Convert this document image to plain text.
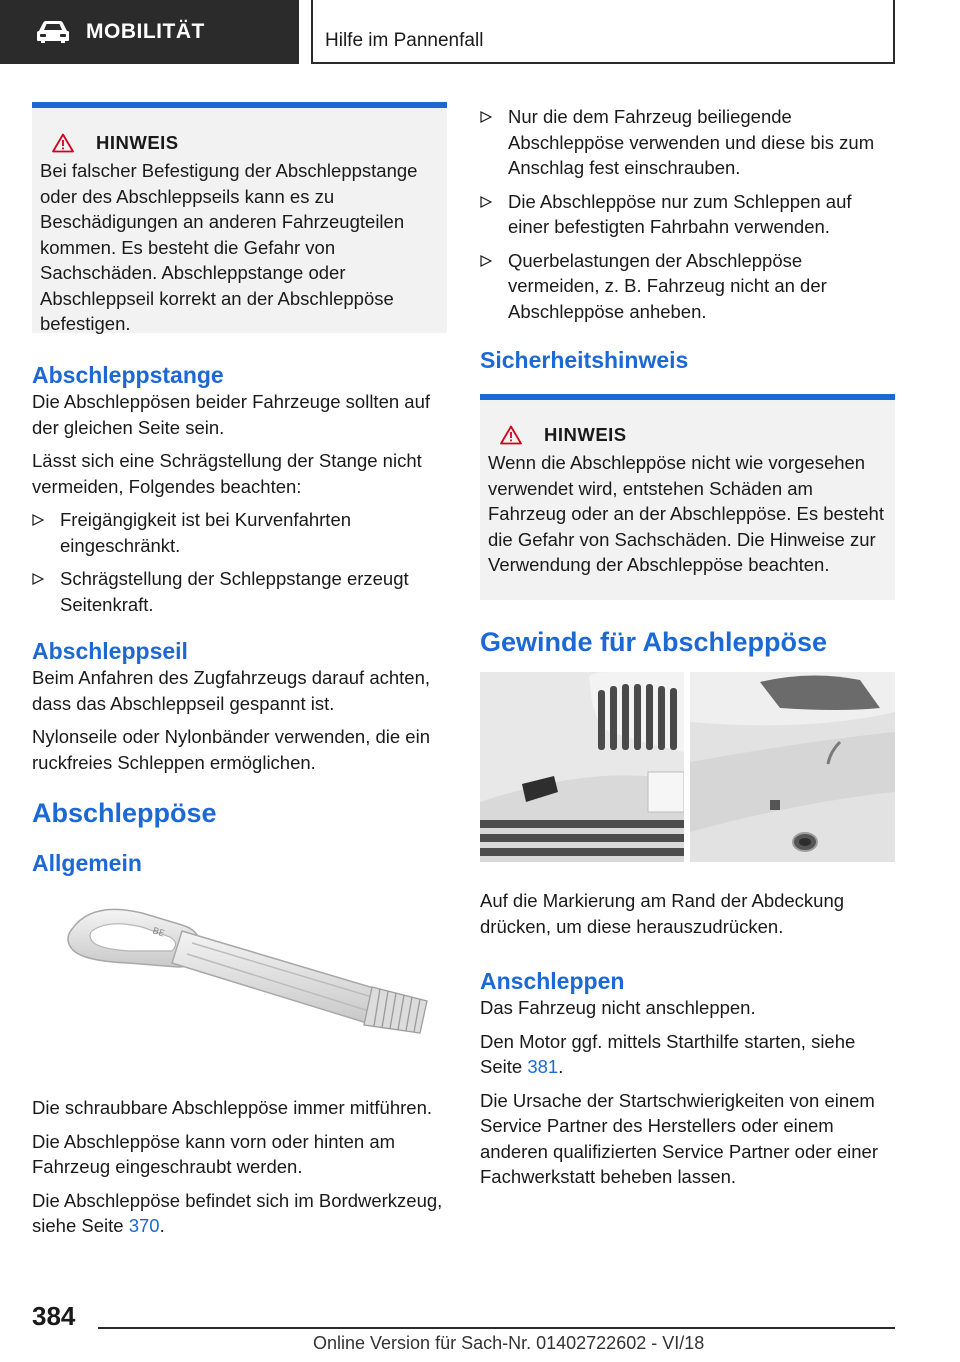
MOBILITÄT	Hilfe im Pannenfall
HINWEIS
Bei falscher Befestigung der Abschleppstange oder des Abschleppseils kann es zu Beschädigungen an anderen Fahrzeugteilen kommen. Es besteht die Gefahr von Sachschäden. Abschleppstange oder Abschleppseil korrekt an der Abschleppöse befestigen.
Abschleppstange
Die Abschleppösen beider Fahrzeuge sollten auf der gleichen Seite sein.
Lässt sich eine Schrägstellung der Stange nicht vermeiden, Folgendes beachten:
Freigängigkeit ist bei Kurvenfahrten eingeschränkt.
Schrägstellung der Schleppstange erzeugt Seitenkraft.
Abschleppseil
Beim Anfahren des Zugfahrzeugs darauf achten, dass das Abschleppseil gespannt ist.
Nylonseile oder Nylonbänder verwenden, die ein ruckfreies Schleppen ermöglichen.
Abschleppöse
Allgemein
BE
Die schraubbare Abschleppöse immer mitführen.
Die Abschleppöse kann vorn oder hinten am Fahrzeug eingeschraubt werden.
Die Abschleppöse befindet sich im Bordwerkzeug, siehe Seite 370.
Nur die dem Fahrzeug beiliegende Abschleppöse verwenden und diese bis zum Anschlag fest einschrauben.
Die Abschleppöse nur zum Schleppen auf einer befestigten Fahrbahn verwenden.
Querbelastungen der Abschleppöse vermeiden, z. B. Fahrzeug nicht an der Abschleppöse anheben.
Sicherheitshinweis
HINWEIS
Wenn die Abschleppöse nicht wie vorgesehen verwendet wird, entstehen Schäden am Fahrzeug oder an der Abschleppöse. Es besteht die Gefahr von Sachschäden. Die Hinweise zur Verwendung der Abschleppöse beachten.
Gewinde für Abschleppöse
Auf die Markierung am Rand der Abdeckung drücken, um diese herauszudrücken.
Anschleppen
Das Fahrzeug nicht anschleppen.
Den Motor ggf. mittels Starthilfe starten, siehe Seite 381.
Die Ursache der Startschwierigkeiten von einem Service Partner des Herstellers oder einem anderen qualifizierten Service Partner oder einer Fachwerkstatt beheben lassen.
384
Online Version für Sach-Nr. 01402722602 - VI/18
